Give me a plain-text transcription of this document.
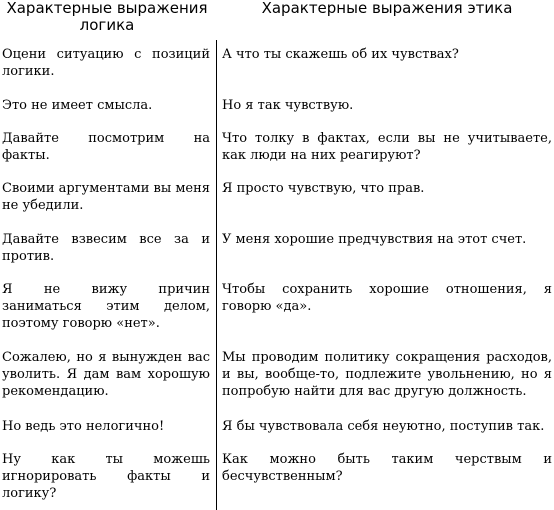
Характерные выражения логика
Характерные выражения этика
Оцени ситуацию с позиций логики.
А что ты скажешь об их чувствах?
Это не имеет смысла.	Но я так чувствую.
Давайте посмотрим на факты.
Что толку в фактах, если вы не учитываете, как люди на них реагируют?
Своими аргументами вы меня не убедили.
Я просто чувствую, что прав.
Давайте взвесим все за и против.
У меня хорошие предчувствия на этот счет.
Я не вижу причин заниматься этим делом, поэтому говорю «нет».
Чтобы сохранить хорошие отношения, я говорю «да».
Сожалею, но я вынужден вас уволить. Я дам вам хорошую рекомендацию.
Мы проводим политику сокращения расходов, и вы, вообще-то, подлежите увольнению, но я попробую найти для вас другую должность.
Но ведь это нелогично!	Я бы чувствовала себя неуютно, поступив так.
Ну как ты можешь игнорировать факты и логику?
Как можно быть таким черствым и бесчувственным?
